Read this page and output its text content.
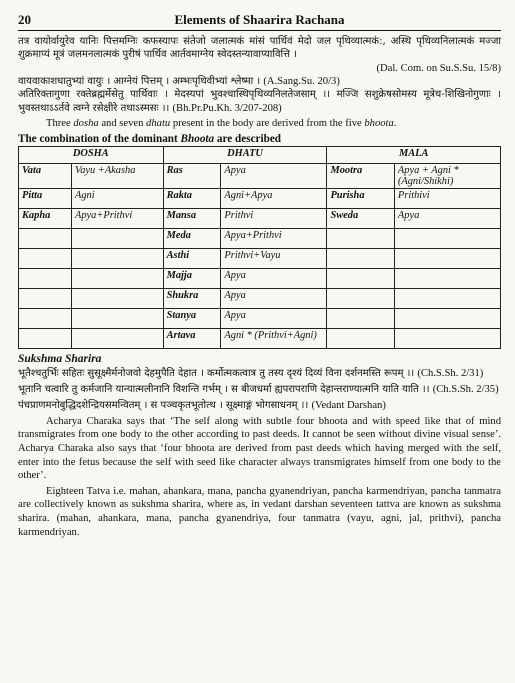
20	Elements of Shaarira Rachana

तत्र वायोर्वायुरेव यानिः पित्तमग्निः कफस्यापः संतेजो जलात्मकं मांसं पार्थिवं मेदो जल पृथिव्यात्मकं:, अस्थि पृथिव्यनिलात्मकं मज्जा शुक्रमाप्यं मूत्रं जलमनलात्मकं पुरीषं पार्थिव आर्तवमाग्नेय स्वेदस्तन्यावाप्यावित्ति ।

(Dal. Com. on Su.S.Su. 15/8)

वायवाकाशधातुभ्यां वायुः । आग्नेयं पित्तम् । अम्भःपृथिवीभ्यां श्लेष्मा । (A.Sang.Su. 20/3)

अतिरिक्तागुणा रक्तेब्रह्मर्मेसेतु पार्थिवाः । मेदस्यपां भुवश्चास्थिपृथिव्यनिलतेजसाम् ।। मज्जि सशुक्रेषसोमस्य मूत्रेच-शिखिनोगुणाः । भुवस्तथाऽऽर्तवे त्वग्ने रसेक्षीरे तथाऽस्मसः ।। (Bh.Pr.Pu.Kh. 3/207-208)

Three dosha and seven dhatu present in the body are derived from the five bhoota.

The combination of the dominant Bhoota are described

DOSHA		DHATU		MALA	
Vata	Vayu +Akasha	Ras	Apya	Mootra	Apya + Agni * (Agni/Shikhi)
Pitta	Agni	Rakta	Agni+Apya	Purisha	Prithivi
Kapha	Apya+Prithvi	Mansa	Prithvi	Sweda	Apya
		Meda	Apya+Prithvi		
		Asthi	Prithvi+Vayu		
		Majja	Apya		
		Shukra	Apya		
		Stanya	Apya		
		Artava	Agni * (Prithvi+Agni)		

Sukshma Sharira

भूतैश्चतुर्भिः सहितः सुसूक्ष्मैर्मनोजवो देहमुपैति देहात । कर्मोत्मकत्वात्र तु तस्य दृश्यं दिव्यं विना दर्शनमस्ति रूपम् ।। (Ch.S.Sh. 2/31)

भूतानि चत्वारि तु कर्मजानि यान्यात्मलीनानि विशन्ति गर्भम् । स बीजधर्मा ह्यपरापराणि देहान्तराण्यात्मनि याति याति ।। (Ch.S.Sh. 2/35)

पंचप्राणमनोबुद्धिदशेन्द्रियसमन्वितम् । स पञ्चकृतभूतोत्थ । सूक्ष्माङ्गं भोगसाधनम् ।। (Vedant Darshan)

Acharya Charaka says that ‘The self along with subtle four bhoota and with speed like that of mind transmigrates from one body to the other according to past deeds. It cannot be seen without divine visual sense’. Acharya Charaka also says that ‘four bhoota are derived from past deeds which having merged with the self, enter into the fetus because the self with seed like character always transmigrates himself from one body to the other’.

Eighteen Tatva i.e. mahan, ahankara, mana, pancha gyanendriyan, pancha karmendriyan, pancha tanmatra are collectively known as sukshma sharira, where as, in vedant darshan seventeen tattva are known as sukshma sharira. (mahan, ahankara, mana, pancha gyanendriya, four tanmatra (vayu, agni, jal, prithvi), pancha karmendriyan.
